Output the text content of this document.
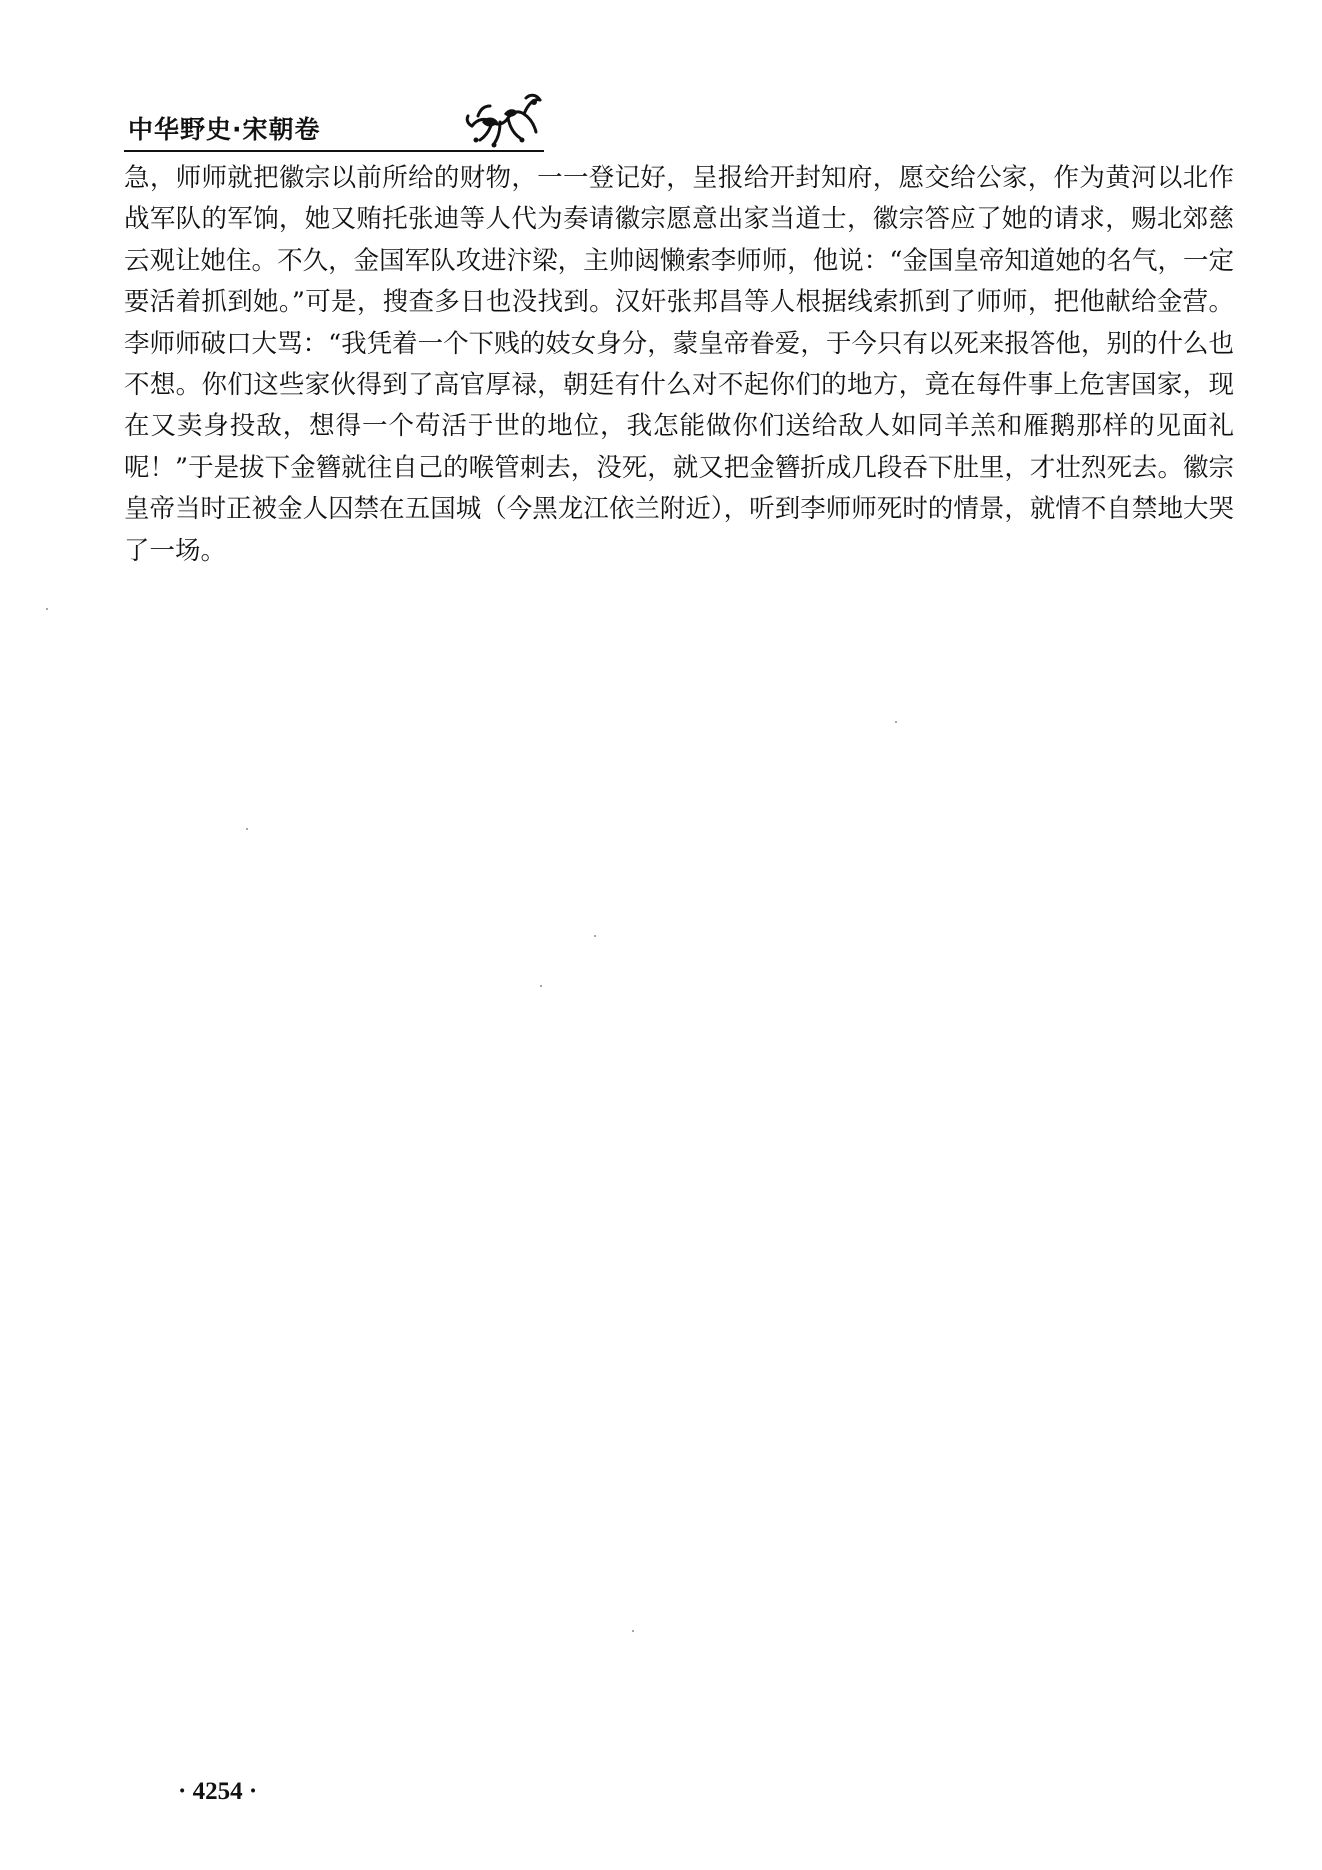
中华野史·宋朝卷

急，师师就把徽宗以前所给的财物，一一登记好，呈报给开封知府，愿交给公家，作为黄河以北作战军队的军饷，她又贿托张迪等人代为奏请徽宗愿意出家当道士，徽宗答应了她的请求，赐北郊慈云观让她住。不久，金国军队攻进汴梁，主帅闼懒索李师师，他说：“金国皇帝知道她的名气，一定要活着抓到她。”可是，搜查多日也没找到。汉奸张邦昌等人根据线索抓到了师师，把他献给金营。李师师破口大骂：“我凭着一个下贱的妓女身分，蒙皇帝眷爱，于今只有以死来报答他，别的什么也不想。你们这些家伙得到了高官厚禄，朝廷有什么对不起你们的地方，竟在每件事上危害国家，现在又卖身投敌，想得一个苟活于世的地位，我怎能做你们送给敌人如同羊羔和雁鹅那样的见面礼呢！”于是拔下金簪就往自己的喉管刺去，没死，就又把金簪折成几段吞下肚里，才壮烈死去。徽宗皇帝当时正被金人囚禁在五国城（今黑龙江依兰附近），听到李师师死时的情景，就情不自禁地大哭了一场。

· 4254 ·
